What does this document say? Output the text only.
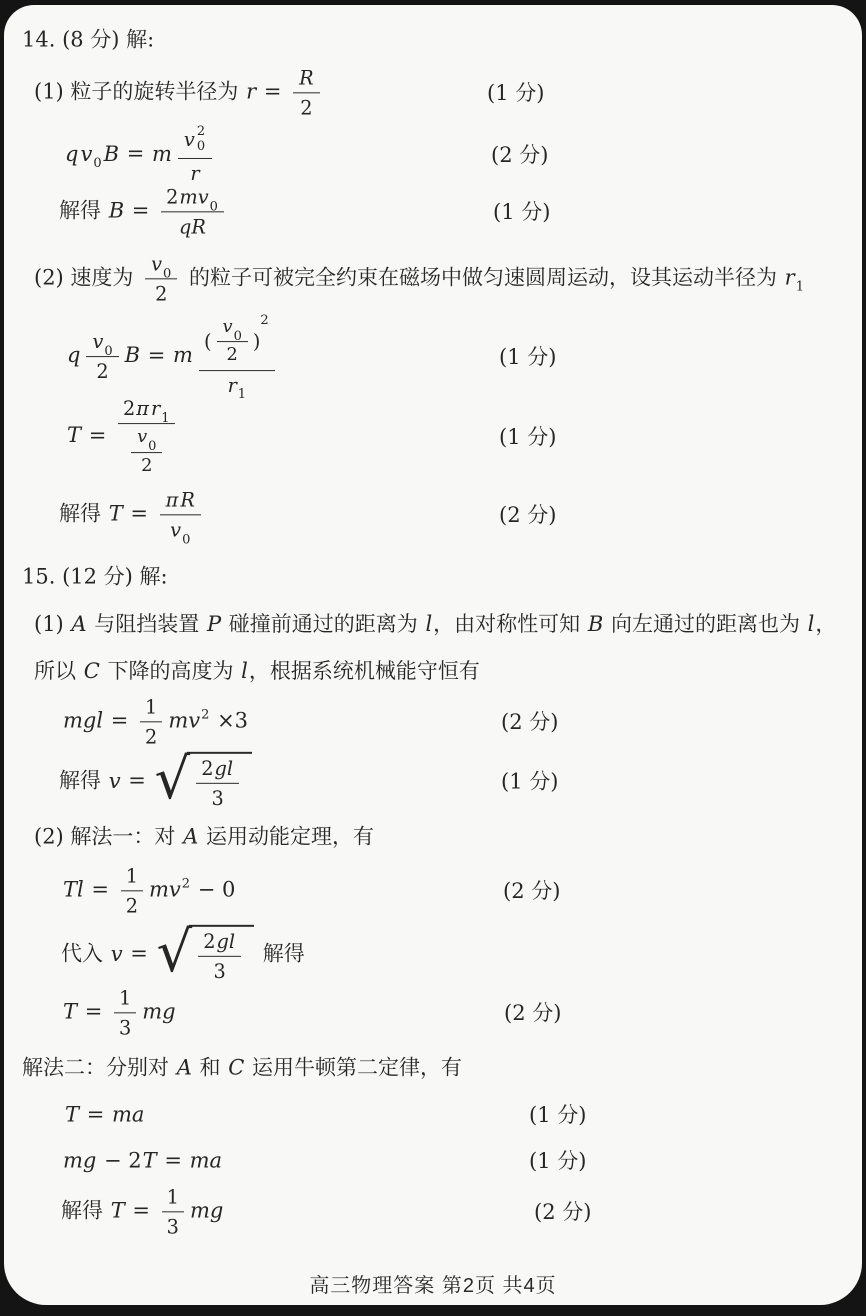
高三物理答案 第2页 共4页
14. (8 分) 解:
(1) 粒子的旋转半径为 $r = \frac{R}{2}$	(1 分)
$qv_0B = m$ v 2
0
r	(2 分)
解得 $B = \frac{2 mv 0}{qR}$	(1 分)
(2) 速度为 $\frac{v 0}{2}$ 的粒子可被完全约束在磁场中做匀速圆周运动，设其运动半径为 $r_1$
q $\frac{v 0}{2}$ B = m ( $\frac{v 0}{2}$ )
2
r 1	(1 分)
$T = \frac{\text{2 π r 1}}{\frac{v 0}{2}}$	(1 分)
解得 $T = \frac{\text{π R}}{v 0}$	(2 分)
15. (12 分) 解:
(1) A 与阻挡装置 P 碰撞前通过的距离为 l，由对称性可知 B 向左通过的距离也为 l，所以 C 下降的高度为 l，根据系统机械能守恒有
mgl = $\frac{1}{2} mv^2 \times 3$	(2 分)
解得 v = √ $\frac{2 gl}{3}$	(1 分)
(2) 解法一：对 A 运用动能定理，有
$Tl = \frac{1}{2} mv^2 - 0$	(2 分)
代入 v = √ $\frac{2 gl}{3}$ 解得
$T = \frac{1}{3}$ mg	(2 分)
解法二：分别对 A 和 C 运用牛顿第二定律，有
T = ma	(1 分)
mg − 2T = ma	(1 分)
解得 $T = \frac{1}{3}$ mg	(2 分)
